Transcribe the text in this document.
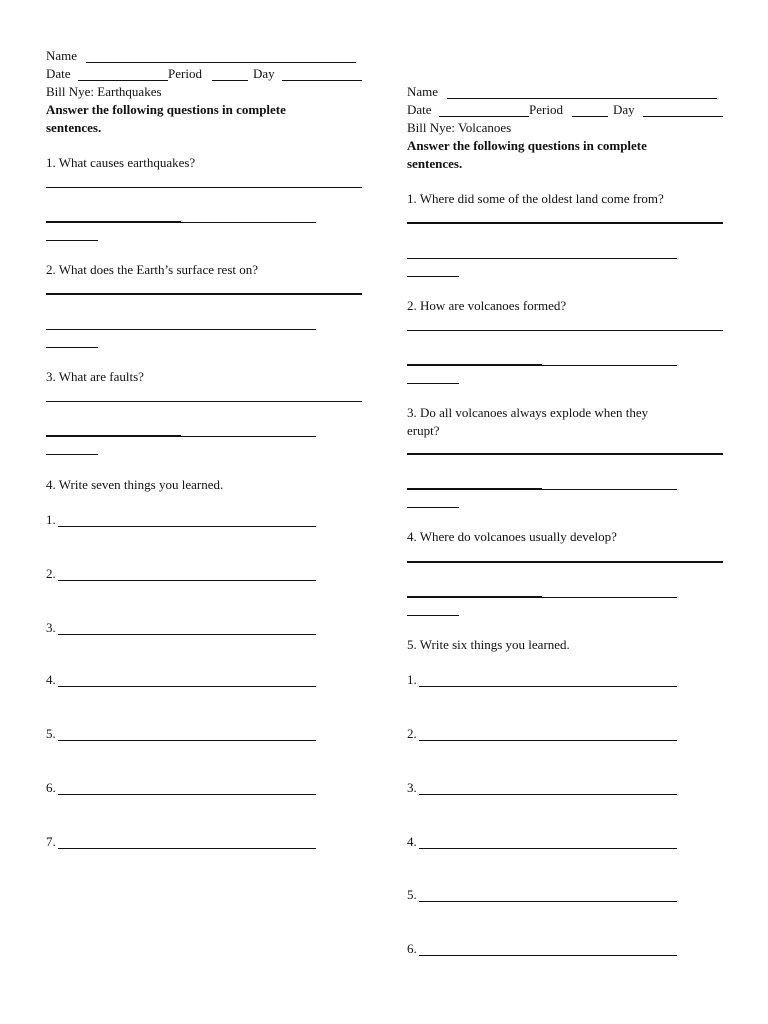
Name
Date	Period	Day
Bill Nye: Earthquakes
Answer the following questions in complete
sentences.
1. What causes earthquakes?
2. What does the Earth’s surface rest on?
3. What are faults?
4. Write seven things you learned.
1.
2.
3.
4.
5.
6.
7.
Name
Date	Period	Day
Bill Nye: Volcanoes
Answer the following questions in complete
sentences.
1. Where did some of the oldest land come from?
2. How are volcanoes formed?
3. Do all volcanoes always explode when they
erupt?
4. Where do volcanoes usually develop?
5. Write six things you learned.
1.
2.
3.
4.
5.
6.
